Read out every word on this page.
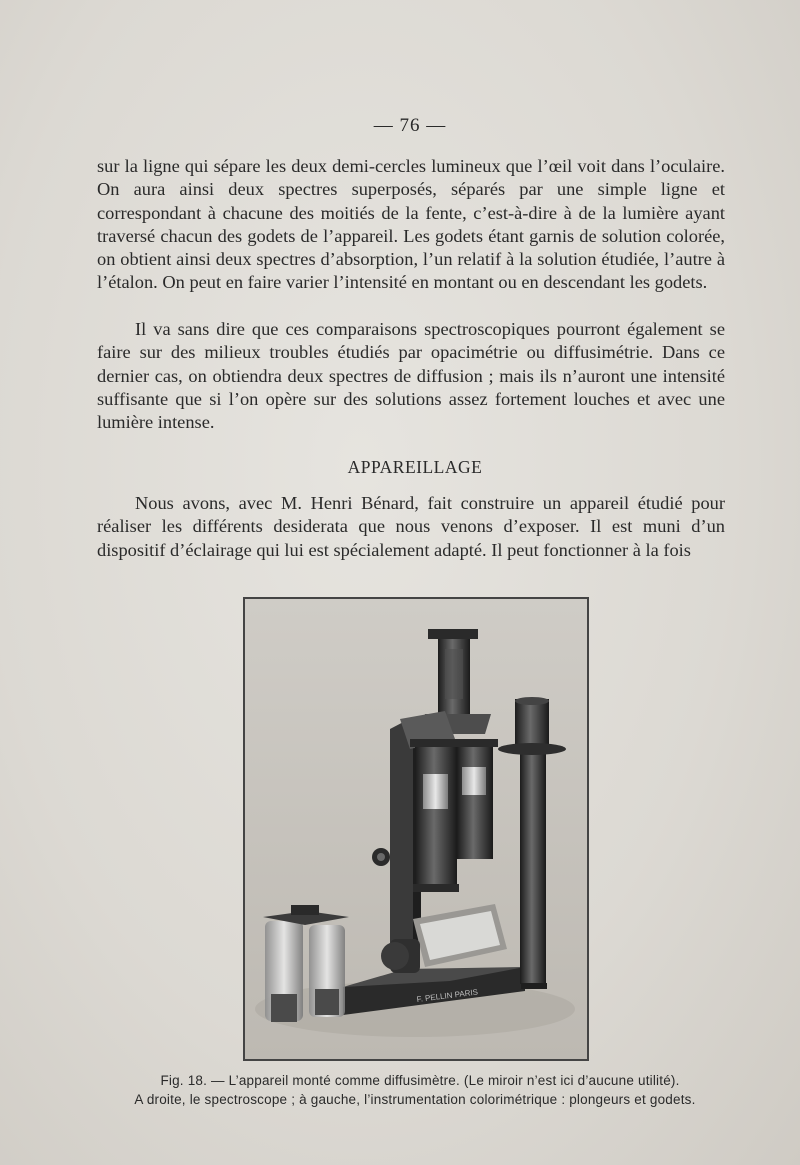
— 76 —

sur la ligne qui sépare les deux demi-cercles lumineux que l’œil voit dans l’oculaire. On aura ainsi deux spectres superposés, séparés par une simple ligne et correspondant à chacune des moitiés de la fente, c’est-à-dire à de la lumière ayant traversé chacun des godets de l’appareil. Les godets étant garnis de solution colorée, on obtient ainsi deux spectres d’absorption, l’un relatif à la solution étudiée, l’autre à l’étalon. On peut en faire varier l’intensité en montant ou en descendant les godets.

Il va sans dire que ces comparaisons spectroscopiques pourront également se faire sur des milieux troubles étudiés par opacimétrie ou diffusimétrie. Dans ce dernier cas, on obtiendra deux spectres de diffusion ; mais ils n’auront une intensité suffisante que si l’on opère sur des solutions assez fortement louches et avec une lumière intense.

APPAREILLAGE

Nous avons, avec M. Henri Bénard, fait construire un appareil étudié pour réaliser les différents desiderata que nous venons d’exposer. Il est muni d’un dispositif d’éclairage qui lui est spécialement adapté. Il peut fonctionner à la fois

F. PELLIN PARIS
Fig. 18. — L’appareil monté comme diffusimètre. (Le miroir n’est ici d’aucune utilité).
A droite, le spectroscope ; à gauche, l’instrumentation colorimétrique : plongeurs et godets.
